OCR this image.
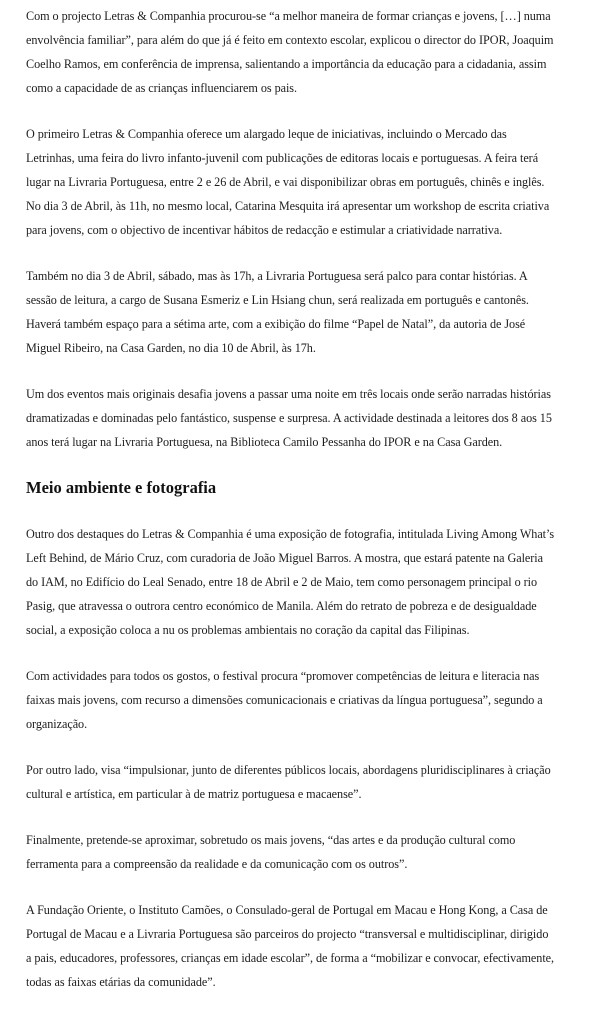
Com o projecto Letras & Companhia procurou-se “a melhor maneira de formar crianças e jovens, […] numa envolvência familiar”, para além do que já é feito em contexto escolar, explicou o director do IPOR, Joaquim Coelho Ramos, em conferência de imprensa, salientando a importância da educação para a cidadania, assim como a capacidade de as crianças influenciarem os pais.

O primeiro Letras & Companhia oferece um alargado leque de iniciativas, incluindo o Mercado das Letrinhas, uma feira do livro infanto-juvenil com publicações de editoras locais e portuguesas. A feira terá lugar na Livraria Portuguesa, entre 2 e 26 de Abril, e vai disponibilizar obras em português, chinês e inglês. No dia 3 de Abril, às 11h, no mesmo local, Catarina Mesquita irá apresentar um workshop de escrita criativa para jovens, com o objectivo de incentivar hábitos de redacção e estimular a criatividade narrativa.

Também no dia 3 de Abril, sábado, mas às 17h, a Livraria Portuguesa será palco para contar histórias. A sessão de leitura, a cargo de Susana Esmeriz e Lin Hsiang chun, será realizada em português e cantonês.
Haverá também espaço para a sétima arte, com a exibição do filme “Papel de Natal”, da autoria de José Miguel Ribeiro, na Casa Garden, no dia 10 de Abril, às 17h.

Um dos eventos mais originais desafia jovens a passar uma noite em três locais onde serão narradas histórias dramatizadas e dominadas pelo fantástico, suspense e surpresa. A actividade destinada a leitores dos 8 aos 15 anos terá lugar na Livraria Portuguesa, na Biblioteca Camilo Pessanha do IPOR e na Casa Garden.

Meio ambiente e fotografia

Outro dos destaques do Letras & Companhia é uma exposição de fotografia, intitulada Living Among What’s Left Behind, de Mário Cruz, com curadoria de João Miguel Barros. A mostra, que estará patente na Galeria do IAM, no Edifício do Leal Senado, entre 18 de Abril e 2 de Maio, tem como personagem principal o rio Pasig, que atravessa o outrora centro económico de Manila. Além do retrato de pobreza e de desigualdade social, a exposição coloca a nu os problemas ambientais no coração da capital das Filipinas.

Com actividades para todos os gostos, o festival procura “promover competências de leitura e literacia nas faixas mais jovens, com recurso a dimensões comunicacionais e criativas da língua portuguesa”, segundo a organização.

Por outro lado, visa “impulsionar, junto de diferentes públicos locais, abordagens pluridisciplinares à criação cultural e artística, em particular à de matriz portuguesa e macaense”.

Finalmente, pretende-se aproximar, sobretudo os mais jovens, “das artes e da produção cultural como ferramenta para a compreensão da realidade e da comunicação com os outros”.

A Fundação Oriente, o Instituto Camões, o Consulado-geral de Portugal em Macau e Hong Kong, a Casa de Portugal de Macau e a Livraria Portuguesa são parceiros do projecto “transversal e multidisciplinar, dirigido a pais, educadores, professores, crianças em idade escolar”, de forma a “mobilizar e convocar, efectivamente, todas as faixas etárias da comunidade”.
